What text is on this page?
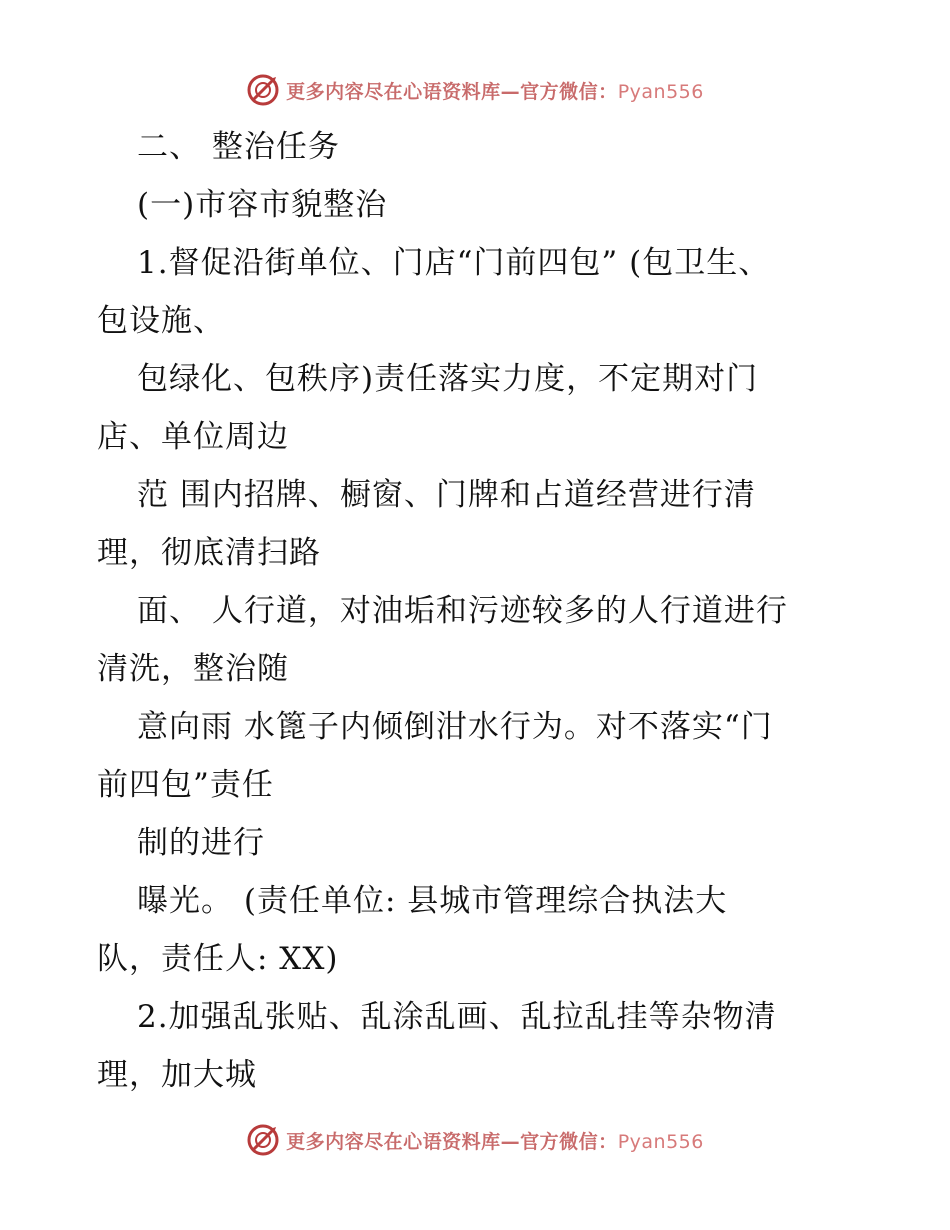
更多内容尽在心语资料库—官方微信：Pyan556
二、 整治任务
(一)市容市貌整治
1.督促沿街单位、门店“门前四包” (包卫生、
包设施、
包绿化、包秩序)责任落实力度，不定期对门
店、单位周边
范 围内招牌、橱窗、门牌和占道经营进行清
理，彻底清扫路
面、 人行道，对油垢和污迹较多的人行道进行
清洗，整治随
意向雨 水篦子内倾倒泔水行为。对不落实“门
前四包”责任
制的进行
曝光。 (责任单位: 县城市管理综合执法大
队，责任人: XX)
2.加强乱张贴、乱涂乱画、乱拉乱挂等杂物清
理，加大城
更多内容尽在心语资料库—官方微信：Pyan556
